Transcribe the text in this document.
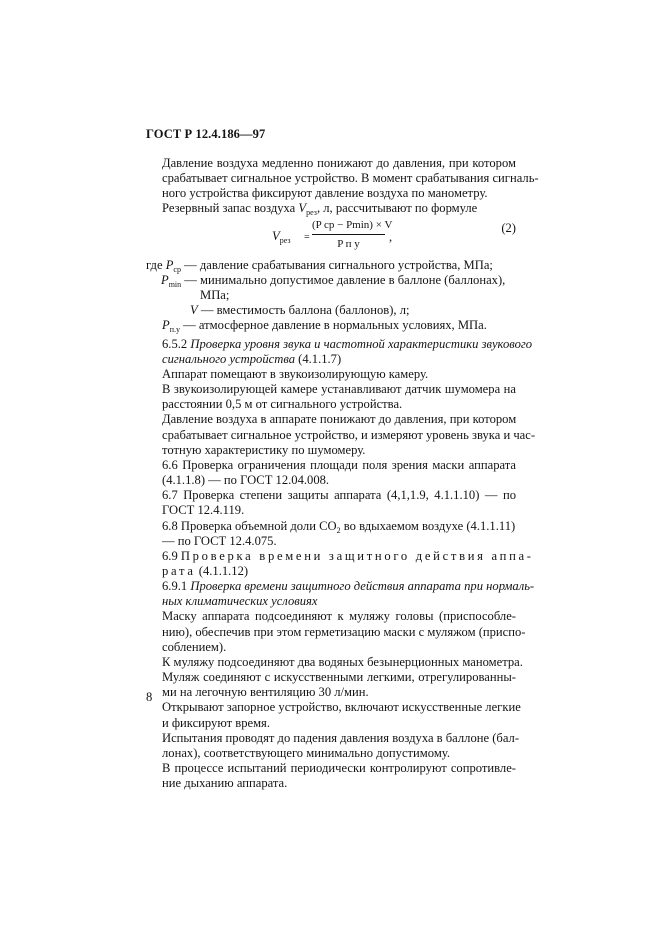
ГОСТ Р 12.4.186—97
Давление воздуха медленно понижают до давления, при котором
срабатывает сигнальное устройство. В момент срабатывания сигналь-
ного устройства фиксируют давление воздуха по манометру.
Резервный запас воздуха $V_{рез}$, л, рассчитывают по формуле
$V_{рез}$ =
(P ср − Pmin) × V
P п у
,
(2)
где $P_{ср}$ — давление срабатывания сигнального устройства, МПа;
$P_{min}$ — минимально допустимое давление в баллоне (баллонах),
МПа;
V — вместимость баллона (баллонов), л;
$P_{п.у}$ — атмосферное давление в нормальных условиях, МПа.
6.5.2 Проверка уровня звука и частотной характеристики звукового
сигнального устройства (4.1.1.7)
Аппарат помещают в звукоизолирующую камеру.
В звукоизолирующей камере устанавливают датчик шумомера на
расстоянии 0,5 м от сигнального устройства.
Давление воздуха в аппарате понижают до давления, при котором
срабатывает сигнальное устройство, и измеряют уровень звука и час-
тотную характеристику по шумомеру.
6.6 Проверка ограничения площади поля зрения маски аппарата
(4.1.1.8) — по ГОСТ 12.04.008.
6.7 Проверка степени защиты аппарата (4,1,1.9, 4.1.1.10) — по
ГОСТ 12.4.119.
6.8 Проверка объемной доли $СО_2$ во вдыхаемом воздухе (4.1.1.11)
— по ГОСТ 12.4.075.
6.9 Проверка времени защитного действия аппа-
рата (4.1.1.12)
6.9.1 Проверка времени защитного действия аппарата при нормаль-
ных климатических условиях
Маску аппарата подсоединяют к муляжу головы (приспособле-
нию), обеспечив при этом герметизацию маски с муляжом (приспо-
соблением).
К муляжу подсоединяют два водяных безынерционных манометра.
Муляж соединяют с искусственными легкими, отрегулированны-
ми на легочную вентиляцию 30 л/мин.
Открывают запорное устройство, включают искусственные легкие
и фиксируют время.
Испытания проводят до падения давления воздуха в баллоне (бал-
лонах), соответствующего минимально допустимому.
В процессе испытаний периодически контролируют сопротивле-
ние дыханию аппарата.
8
